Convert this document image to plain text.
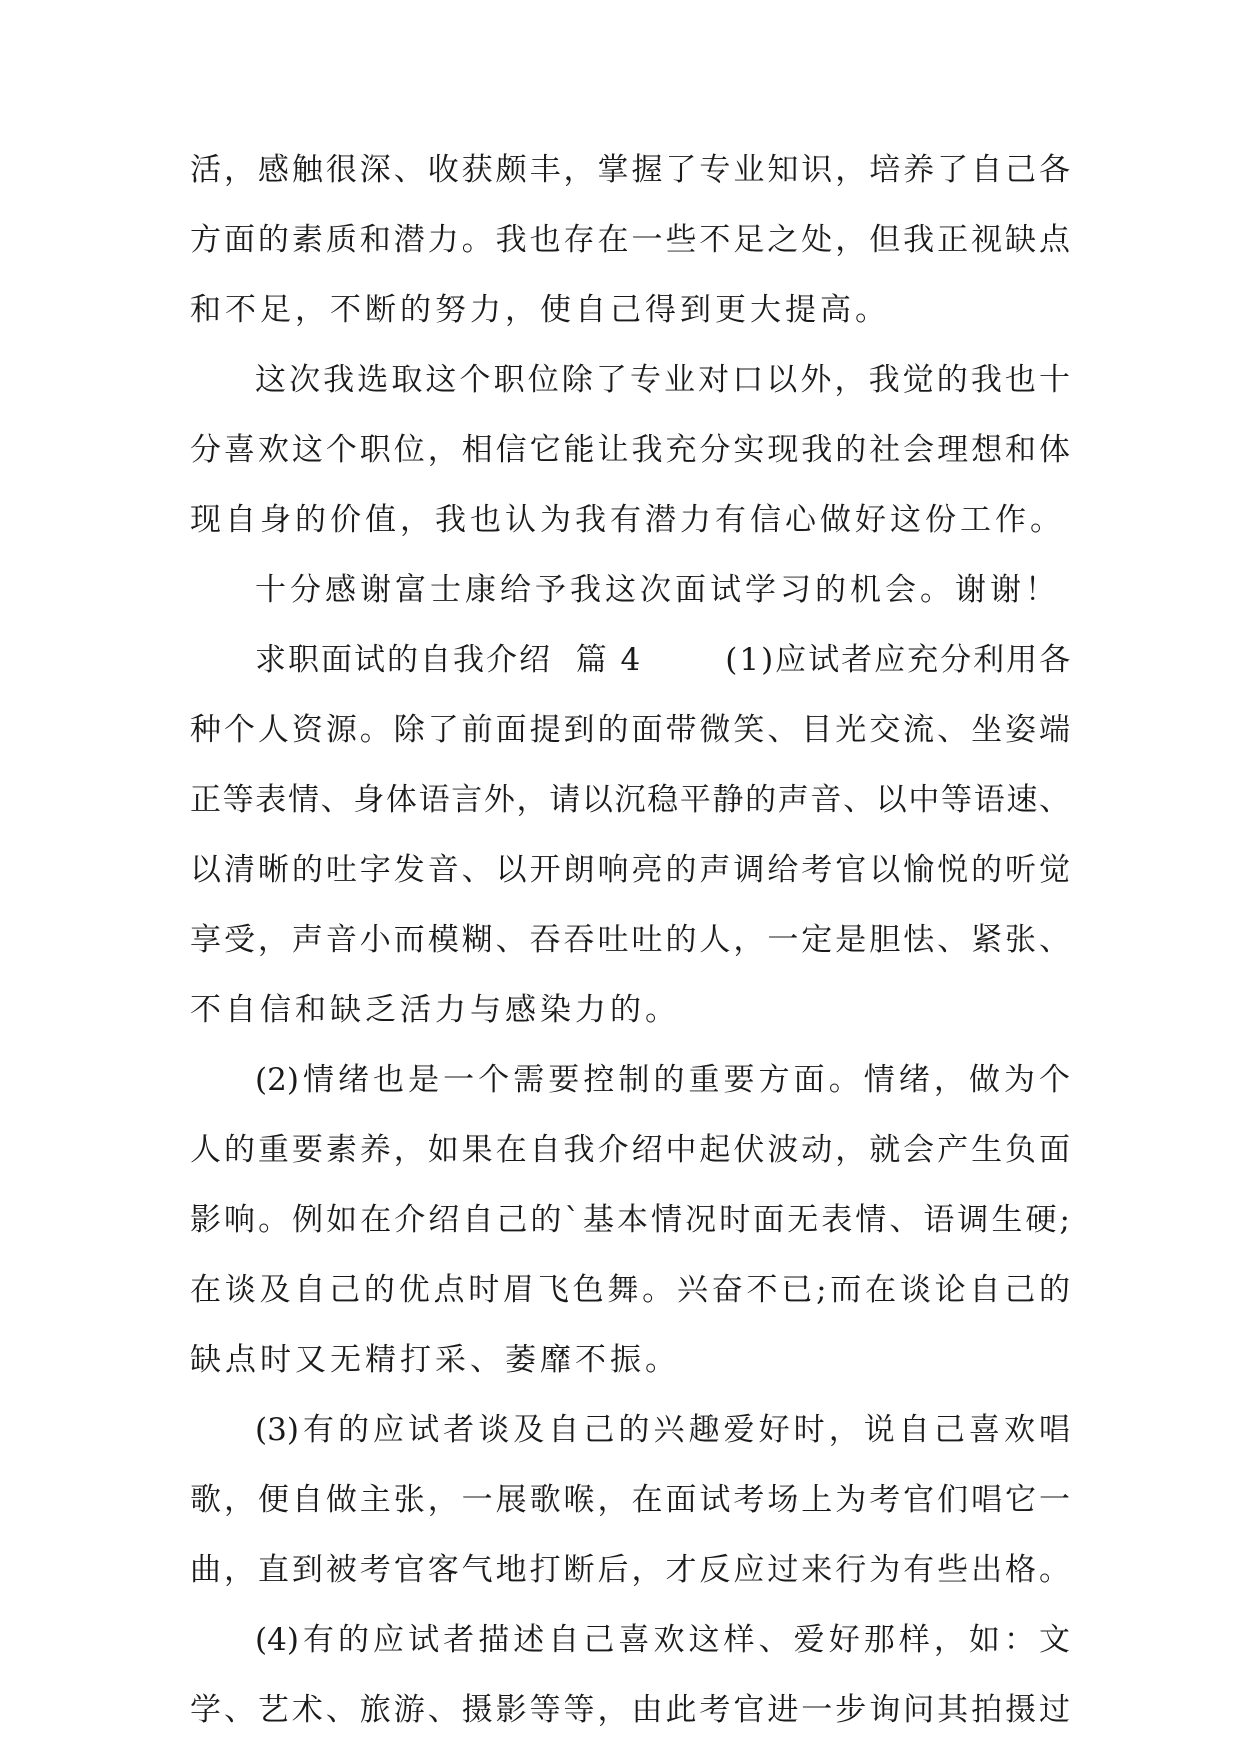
活，感触很深、收获颇丰，掌握了专业知识，培养了自己各

方面的素质和潜力。我也存在一些不足之处，但我正视缺点

和不足，不断的努力，使自己得到更大提高。

这次我选取这个职位除了专业对口以外，我觉的我也十

分喜欢这个职位，相信它能让我充分实现我的社会理想和体

现自身的价值，我也认为我有潜力有信心做好这份工作。

十分感谢富士康给予我这次面试学习的机会。谢谢！

求职面试的自我介绍  篇 4       (1)应试者应充分利用各

种个人资源。除了前面提到的面带微笑、目光交流、坐姿端

正等表情、身体语言外，请以沉稳平静的声音、以中等语速、

以清晰的吐字发音、以开朗响亮的声调给考官以愉悦的听觉

享受，声音小而模糊、吞吞吐吐的人，一定是胆怯、紧张、

不自信和缺乏活力与感染力的。

(2)情绪也是一个需要控制的重要方面。情绪，做为个

人的重要素养，如果在自我介绍中起伏波动，就会产生负面

影响。例如在介绍自己的`基本情况时面无表情、语调生硬;

在谈及自己的优点时眉飞色舞。兴奋不已;而在谈论自己的

缺点时又无精打采、萎靡不振。

(3)有的应试者谈及自己的兴趣爱好时，说自己喜欢唱

歌，便自做主张，一展歌喉，在面试考场上为考官们唱它一

曲，直到被考官客气地打断后，才反应过来行为有些出格。

(4)有的应试者描述自己喜欢这样、爱好那样，如：文

学、艺术、旅游、摄影等等，由此考官进一步询问其拍摄过
